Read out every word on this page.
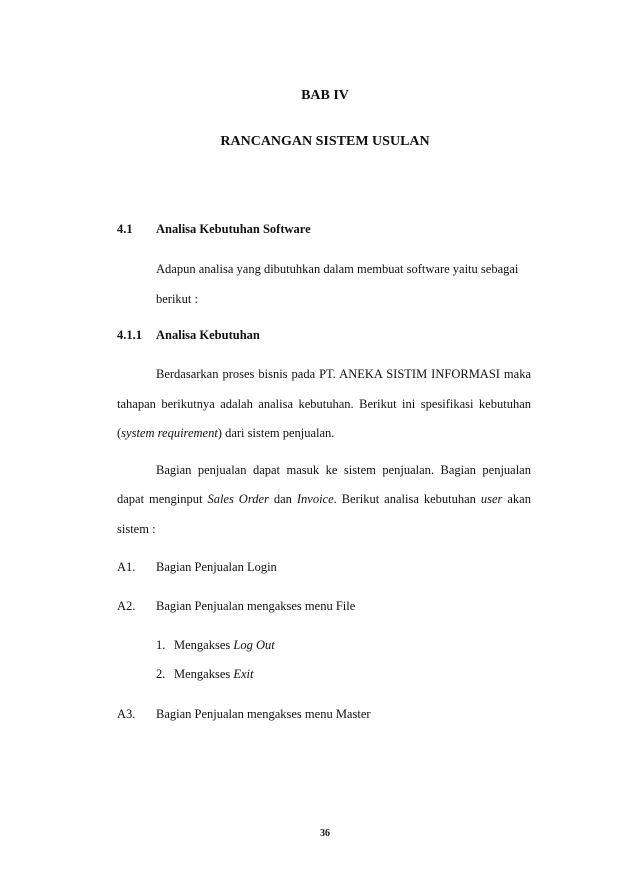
BAB IV
RANCANGAN SISTEM USULAN

4.1 Analisa Kebutuhan Software

Adapun analisa yang dibutuhkan dalam membuat software yaitu sebagai

berikut :

4.1.1 Analisa Kebutuhan

Berdasarkan proses bisnis pada PT. ANEKA SISTIM INFORMASI maka

tahapan berikutnya adalah analisa kebutuhan. Berikut ini spesifikasi kebutuhan

(system requirement) dari sistem penjualan.

Bagian penjualan dapat masuk ke sistem penjualan. Bagian penjualan

dapat menginput Sales Order dan Invoice. Berikut analisa kebutuhan user akan

sistem :

A1. Bagian Penjualan Login

A2. Bagian Penjualan mengakses menu File

1. Mengakses Log Out

2. Mengakses Exit

A3. Bagian Penjualan mengakses menu Master

36
